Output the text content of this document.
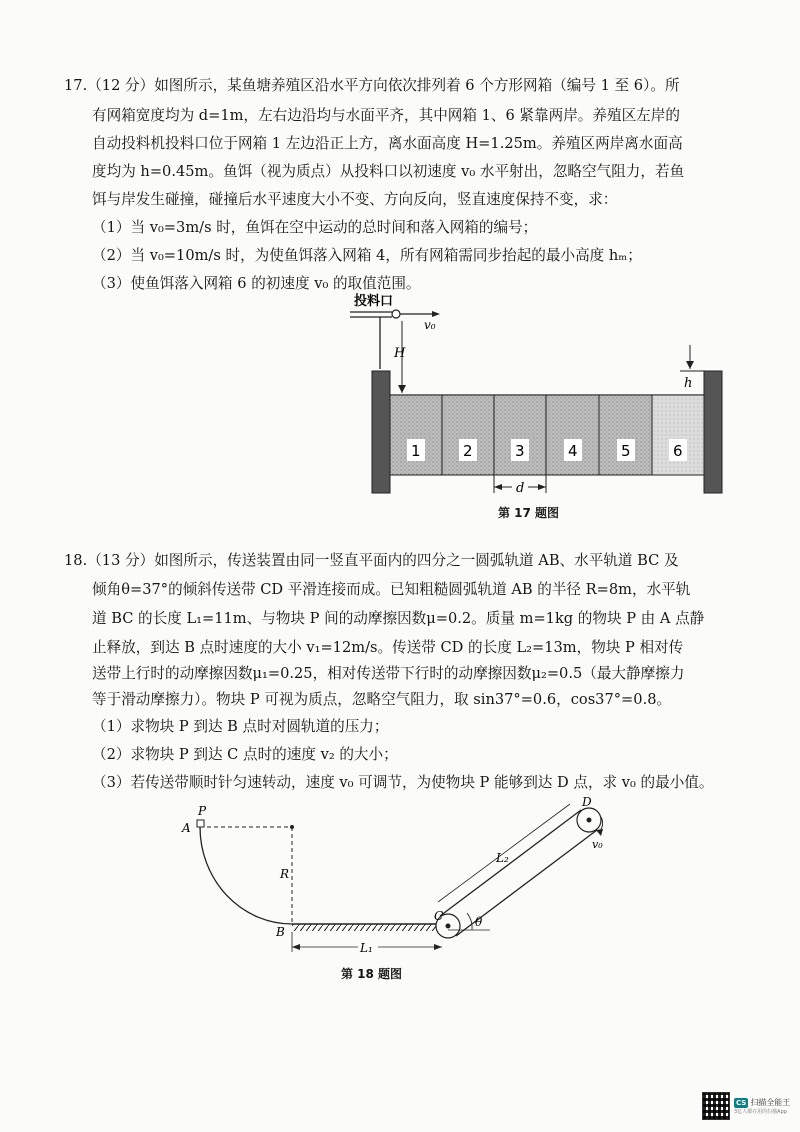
17.（12 分）如图所示，某鱼塘养殖区沿水平方向依次排列着 6 个方形网箱（编号 1 至 6）。所
有网箱宽度均为 d=1m，左右边沿均与水面平齐，其中网箱 1、6 紧靠两岸。养殖区左岸的
自动投料机投料口位于网箱 1 左边沿正上方，离水面高度 H=1.25m。养殖区两岸离水面高
度均为 h=0.45m。鱼饵（视为质点）从投料口以初速度 v₀ 水平射出，忽略空气阻力，若鱼
饵与岸发生碰撞，碰撞后水平速度大小不变、方向反向，竖直速度保持不变，求：
（1）当 v₀=3m/s 时，鱼饵在空中运动的总时间和落入网箱的编号；
（2）当 v₀=10m/s 时，为使鱼饵落入网箱 4，所有网箱需同步抬起的最小高度 hₘ；
（3）使鱼饵落入网箱 6 的初速度 v₀ 的取值范围。
投料口
v₀
H
h
1	2	3	4	5	6
d
第 17 题图
18.（13 分）如图所示，传送装置由同一竖直平面内的四分之一圆弧轨道 AB、水平轨道 BC 及
倾角θ=37°的倾斜传送带 CD 平滑连接而成。已知粗糙圆弧轨道 AB 的半径 R=8m，水平轨
道 BC 的长度 L₁=11m、与物块 P 间的动摩擦因数μ=0.2。质量 m=1kg 的物块 P 由 A 点静
止释放，到达 B 点时速度的大小 v₁=12m/s。传送带 CD 的长度 L₂=13m，物块 P 相对传
送带上行时的动摩擦因数μ₁=0.25，相对传送带下行时的动摩擦因数μ₂=0.5（最大静摩擦力
等于滑动摩擦力）。物块 P 可视为质点，忽略空气阻力，取 sin37°=0.6，cos37°=0.8。
（1）求物块 P 到达 B 点时对圆轨道的压力；
（2）求物块 P 到达 C 点时的速度 v₂ 的大小；
（3）若传送带顺时针匀速转动，速度 v₀ 可调节，为使物块 P 能够到达 D 点，求 v₀ 的最小值。
P
A
R
B
L₁
v₀
L₂
C
D
θ
第 18 题图
CS 扫描全能王
3亿人都在用的扫描App
